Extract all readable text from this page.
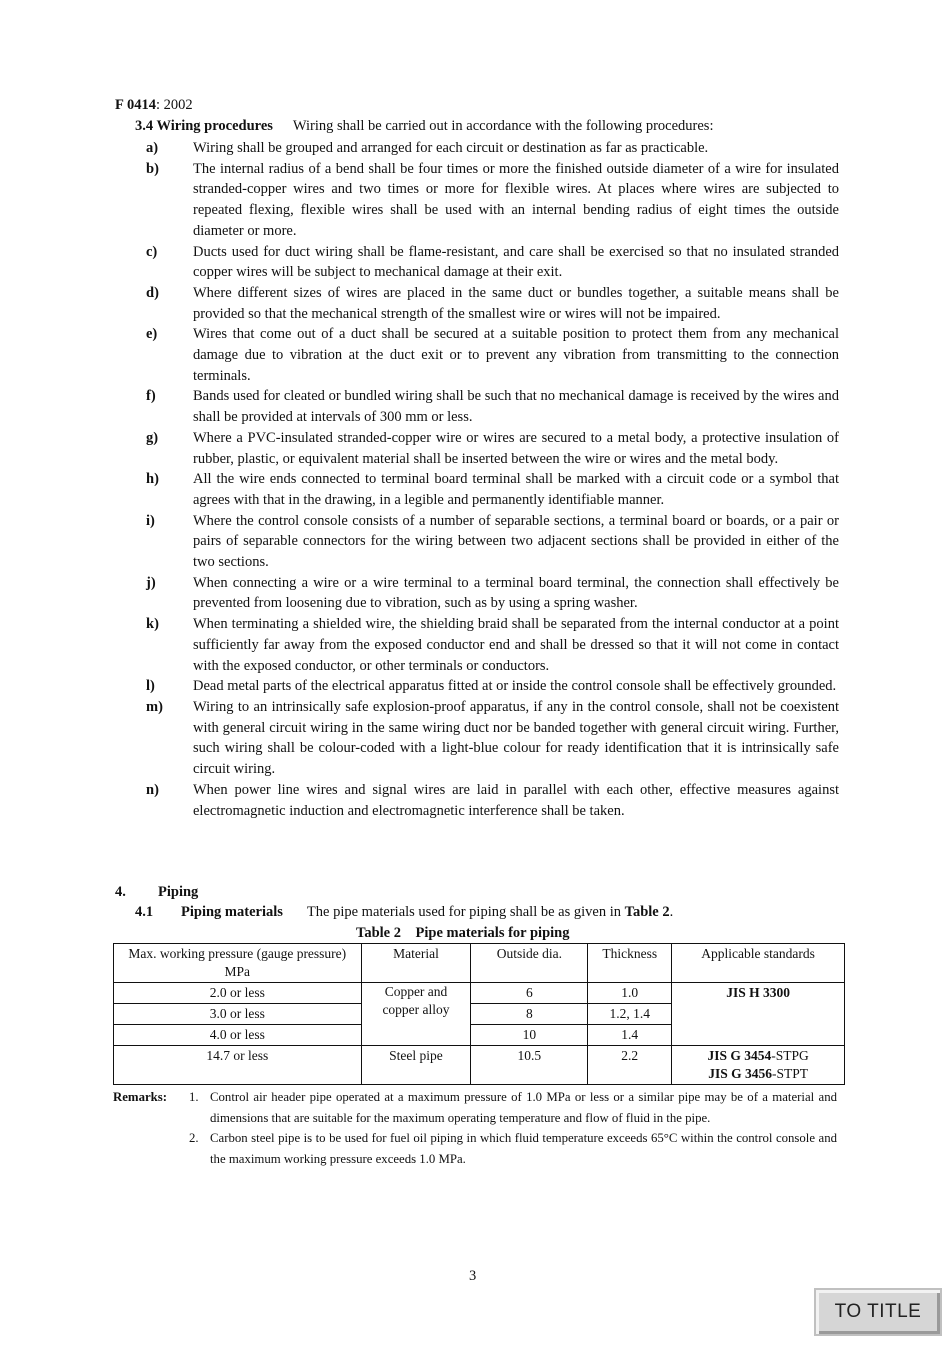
F 0414: 2002
3.4 Wiring procedures Wiring shall be carried out in accordance with the following procedures:
a) Wiring shall be grouped and arranged for each circuit or destination as far as practicable.
b) The internal radius of a bend shall be four times or more the finished outside diameter of a wire for insulated stranded-copper wires and two times or more for flexible wires. At places where wires are subjected to repeated flexing, flexible wires shall be used with an internal bending radius of eight times the outside diameter or more.
c) Ducts used for duct wiring shall be flame-resistant, and care shall be exercised so that no insulated stranded copper wires will be subject to mechanical damage at their exit.
d) Where different sizes of wires are placed in the same duct or bundles together, a suitable means shall be provided so that the mechanical strength of the smallest wire or wires will not be impaired.
e) Wires that come out of a duct shall be secured at a suitable position to protect them from any mechanical damage due to vibration at the duct exit or to prevent any vibration from transmitting to the connection terminals.
f)	Bands used for cleated or bundled wiring shall be such that no mechanical damage is received by the wires and shall be provided at intervals of 300 mm or less.
g) Where a PVC-insulated stranded-copper wire or wires are secured to a metal body, a protective insulation of rubber, plastic, or equivalent material shall be inserted between the wire or wires and the metal body.
h) All the wire ends connected to terminal board terminal shall be marked with a circuit code or a symbol that agrees with that in the drawing, in a legible and permanently identifiable manner.
i)	Where the control console consists of a number of separable sections, a terminal board or boards, or a pair or pairs of separable connectors for the wiring between two adjacent sections shall be provided in either of the two sections.
j)	When connecting a wire or a wire terminal to a terminal board terminal, the connection shall effectively be prevented from loosening due to vibration, such as by using a spring washer.
k) When terminating a shielded wire, the shielding braid shall be separated from the internal conductor at a point sufficiently far away from the exposed conductor end and shall be dressed so that it will not come in contact with the exposed conductor, or other terminals or conductors.
l)	Dead metal parts of the electrical apparatus fitted at or inside the control console shall be effectively grounded.
m) Wiring to an intrinsically safe explosion-proof apparatus, if any in the control console, shall not be coexistent with general circuit wiring in the same wiring duct nor be banded together with general circuit wiring. Further, such wiring shall be colour-coded with a light-blue colour for ready identification that it is intrinsically safe circuit wiring.
n) When power line wires and signal wires are laid in parallel with each other, effective measures against electromagnetic induction and electromagnetic interference shall be taken.
4. Piping
4.1 Piping materials The pipe materials used for piping shall be as given in Table 2.
Table 2    Pipe materials for piping
Max. working pressure (gauge pressure) MPa	Material	Outside dia.	Thickness	Applicable standards
2.0 or less	Copper and copper alloy	6	1.0	JIS H 3300
3.0 or less		8	1.2, 1.4	
4.0 or less		10	1.4	
14.7 or less	Steel pipe	10.5	2.2	JIS G 3454-STPG
JIS G 3456-STPT
Remarks: 1. Control air header pipe operated at a maximum pressure of 1.0 MPa or less or a similar pipe may be of a material and dimensions that are suitable for the maximum operating temperature and flow of fluid in the pipe.
2. Carbon steel pipe is to be used for fuel oil piping in which fluid temperature exceeds 65°C within the control console and the maximum working pressure exceeds 1.0 MPa.
3
TO TITLE
